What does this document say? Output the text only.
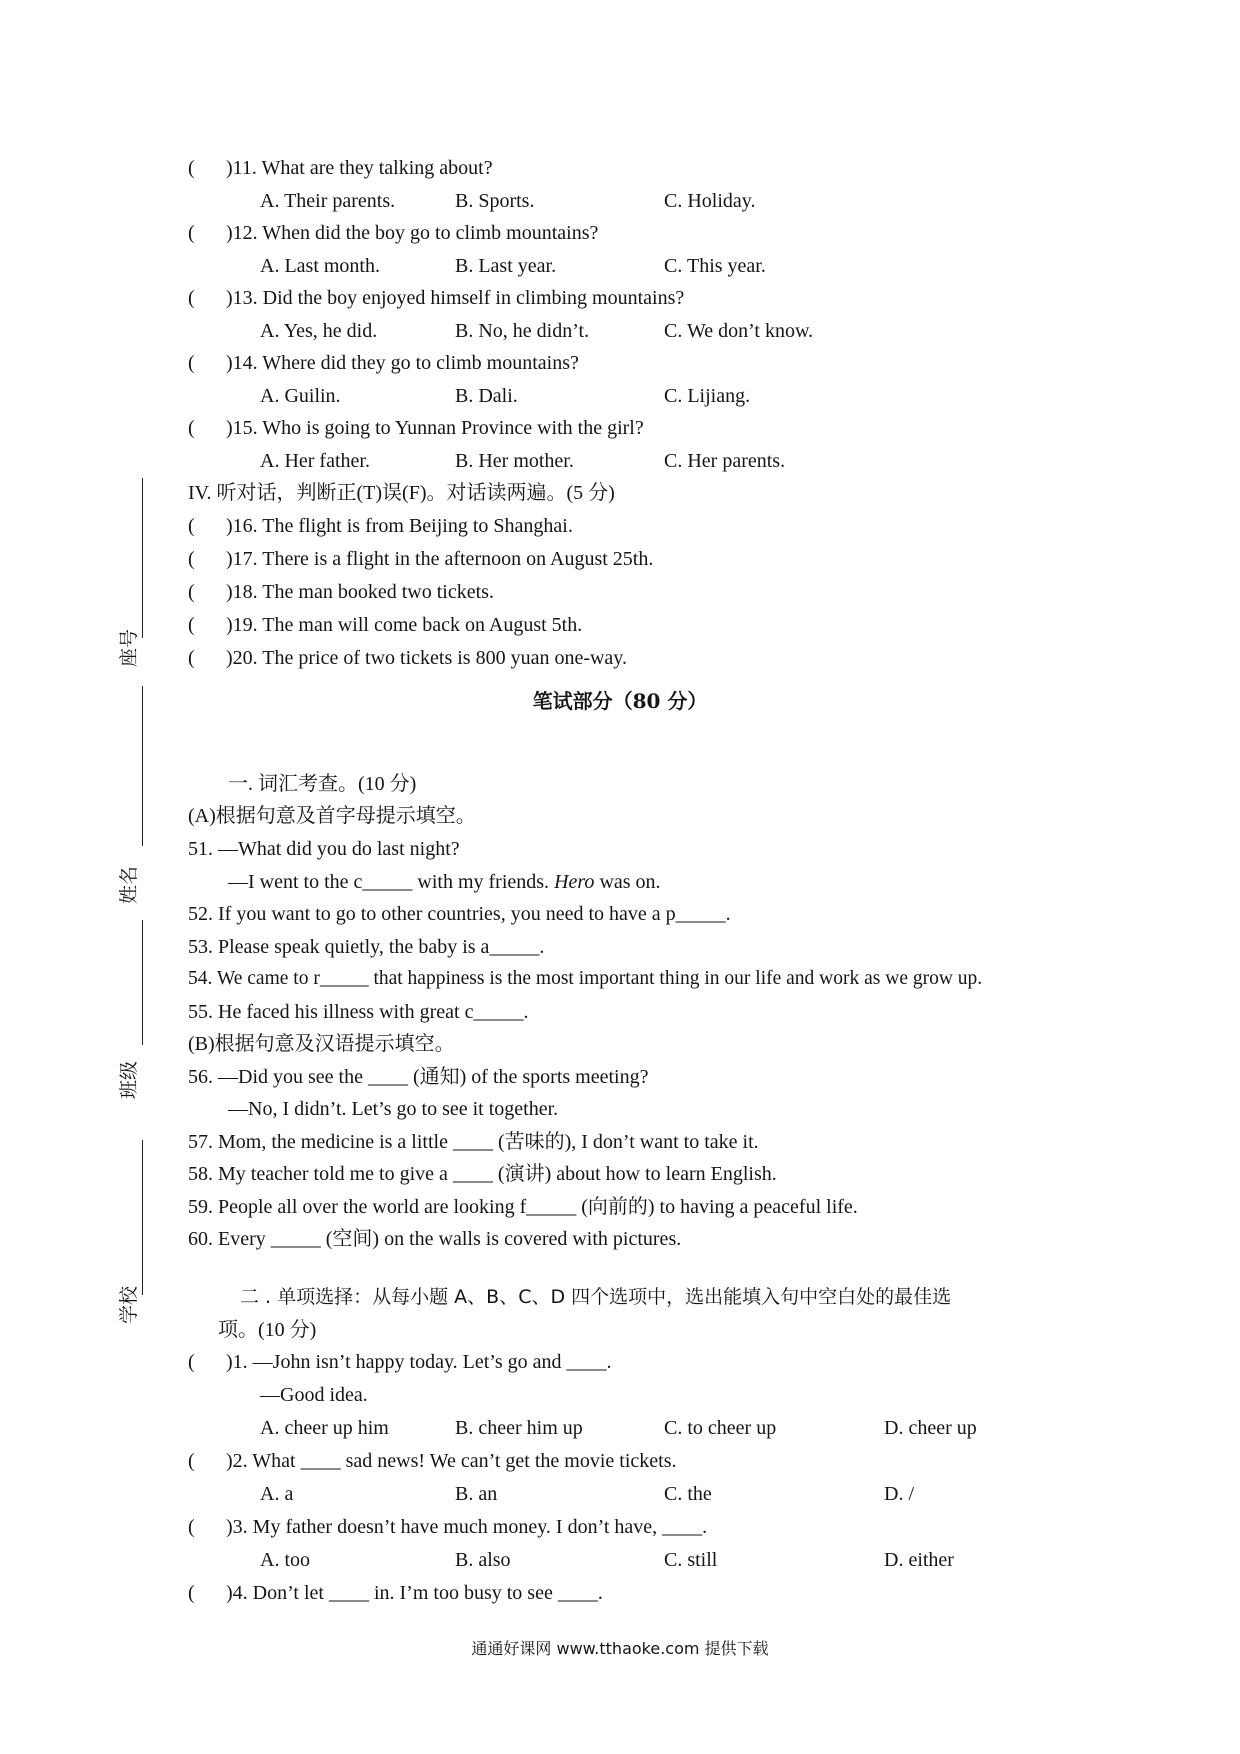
座号
姓名
班级
学校
( )11. What are they talking about?
A. Their parents.	B. Sports.	C. Holiday.
( )12. When did the boy go to climb mountains?
A. Last month.	B. Last year.	C. This year.
( )13. Did the boy enjoyed himself in climbing mountains?
A. Yes, he did.	B. No, he didn’t.	C. We don’t know.
( )14. Where did they go to climb mountains?
A. Guilin.	B. Dali.	C. Lijiang.
( )15. Who is going to Yunnan Province with the girl?
A. Her father.	B. Her mother.	C. Her parents.
IV. 听对话，判断正(T)误(F)。对话读两遍。(5 分)
( )16. The flight is from Beijing to Shanghai.
( )17. There is a flight in the afternoon on August 25th.
( )18. The man booked two tickets.
( )19. The man will come back on August 5th.
( )20. The price of two tickets is 800 yuan one-way.
笔试部分（80 分）
一. 词汇考查。(10 分)
(A)根据句意及首字母提示填空。
51. —What did you do last night?
—I went to the c_____ with my friends. Hero was on.
52. If you want to go to other countries, you need to have a p_____.
53. Please speak quietly, the baby is a_____.
54. We came to r_____ that happiness is the most important thing in our life and work as we grow up.
55. He faced his illness with great c_____.
(B)根据句意及汉语提示填空。
56. —Did you see the ____ (通知) of the sports meeting?
—No, I didn’t. Let’s go to see it together.
57. Mom, the medicine is a little ____ (苦味的), I don’t want to take it.
58. My teacher told me to give a ____ (演讲) about how to learn English.
59. People all over the world are looking f_____ (向前的) to having a peaceful life.
60. Every _____ (空间) on the walls is covered with pictures.
二 . 单项选择：从每小题 A、B、C、D 四个选项中，选出能填入句中空白处的最佳选
项。(10 分)
( )1. —John isn’t happy today. Let’s go and ____.
—Good idea.
A. cheer up him	B. cheer him up	C. to cheer up	D. cheer up
( )2. What ____ sad news! We can’t get the movie tickets.
A. a	B. an	C. the	D. /
( )3. My father doesn’t have much money. I don’t have, ____.
A. too	B. also	C. still	D. either
( )4. Don’t let ____ in. I’m too busy to see ____.
通通好课网 www.tthaoke.com 提供下载
